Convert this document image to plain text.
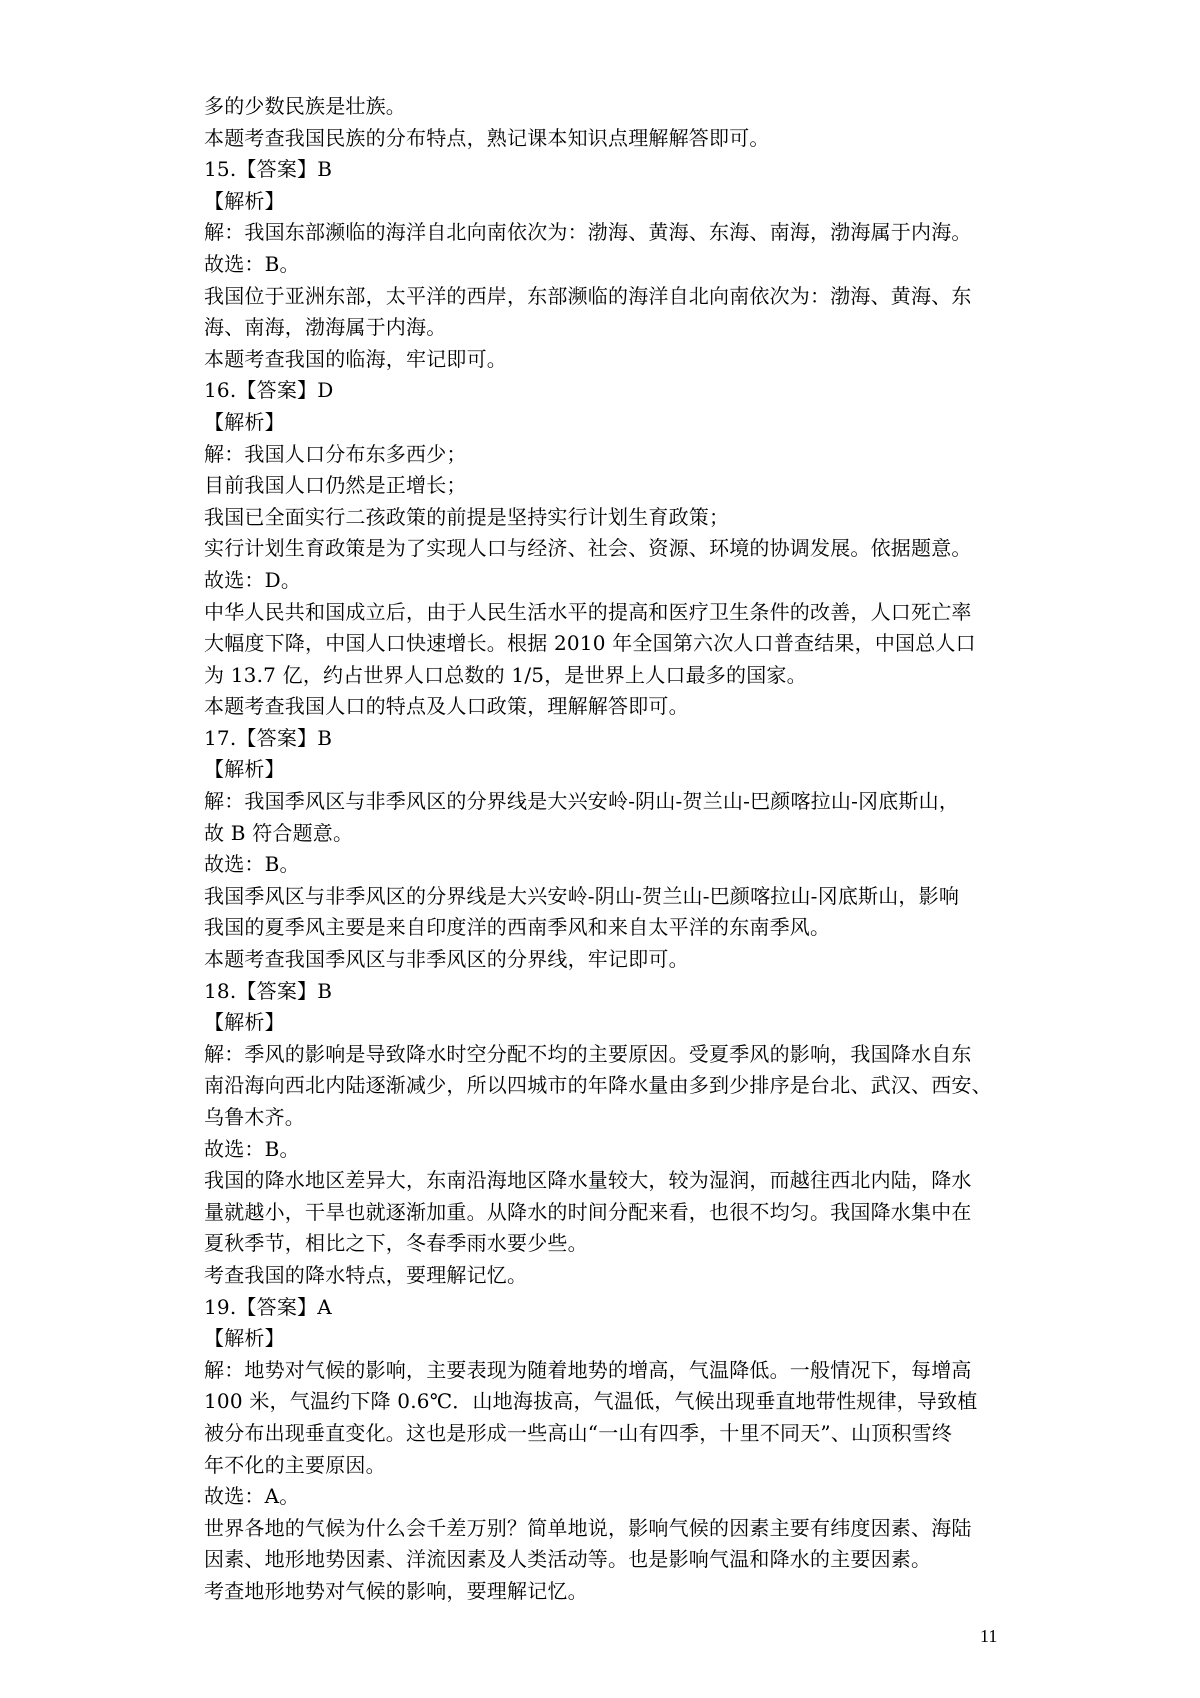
多的少数民族是壮族。
本题考查我国民族的分布特点，熟记课本知识点理解解答即可。
15.【答案】B
【解析】
解：我国东部濒临的海洋自北向南依次为：渤海、黄海、东海、南海，渤海属于内海。
故选：B。
我国位于亚洲东部，太平洋的西岸，东部濒临的海洋自北向南依次为：渤海、黄海、东
海、南海，渤海属于内海。
本题考查我国的临海，牢记即可。
16.【答案】D
【解析】
解：我国人口分布东多西少；
目前我国人口仍然是正增长；
我国已全面实行二孩政策的前提是坚持实行计划生育政策；
实行计划生育政策是为了实现人口与经济、社会、资源、环境的协调发展。依据题意。
故选：D。
中华人民共和国成立后，由于人民生活水平的提高和医疗卫生条件的改善，人口死亡率
大幅度下降，中国人口快速增长。根据 2010 年全国第六次人口普查结果，中国总人口
为 13.7 亿，约占世界人口总数的 1/5，是世界上人口最多的国家。
本题考查我国人口的特点及人口政策，理解解答即可。
17.【答案】B
【解析】
解：我国季风区与非季风区的分界线是大兴安岭-阴山-贺兰山-巴颜喀拉山-冈底斯山，
故 B 符合题意。
故选：B。
我国季风区与非季风区的分界线是大兴安岭-阴山-贺兰山-巴颜喀拉山-冈底斯山，影响
我国的夏季风主要是来自印度洋的西南季风和来自太平洋的东南季风。
本题考查我国季风区与非季风区的分界线，牢记即可。
18.【答案】B
【解析】
解：季风的影响是导致降水时空分配不均的主要原因。受夏季风的影响，我国降水自东
南沿海向西北内陆逐渐减少，所以四城市的年降水量由多到少排序是台北、武汉、西安、
乌鲁木齐。
故选：B。
我国的降水地区差异大，东南沿海地区降水量较大，较为湿润，而越往西北内陆，降水
量就越小，干旱也就逐渐加重。从降水的时间分配来看，也很不均匀。我国降水集中在
夏秋季节，相比之下，冬春季雨水要少些。
考查我国的降水特点，要理解记忆。
19.【答案】A
【解析】
解：地势对气候的影响，主要表现为随着地势的增高，气温降低。一般情况下，每增高
100 米，气温约下降 0.6℃．山地海拔高，气温低，气候出现垂直地带性规律，导致植
被分布出现垂直变化。这也是形成一些高山“一山有四季，十里不同天”、山顶积雪终
年不化的主要原因。
故选：A。
世界各地的气候为什么会千差万别？简单地说，影响气候的因素主要有纬度因素、海陆
因素、地形地势因素、洋流因素及人类活动等。也是影响气温和降水的主要因素。
考查地形地势对气候的影响，要理解记忆。
11
